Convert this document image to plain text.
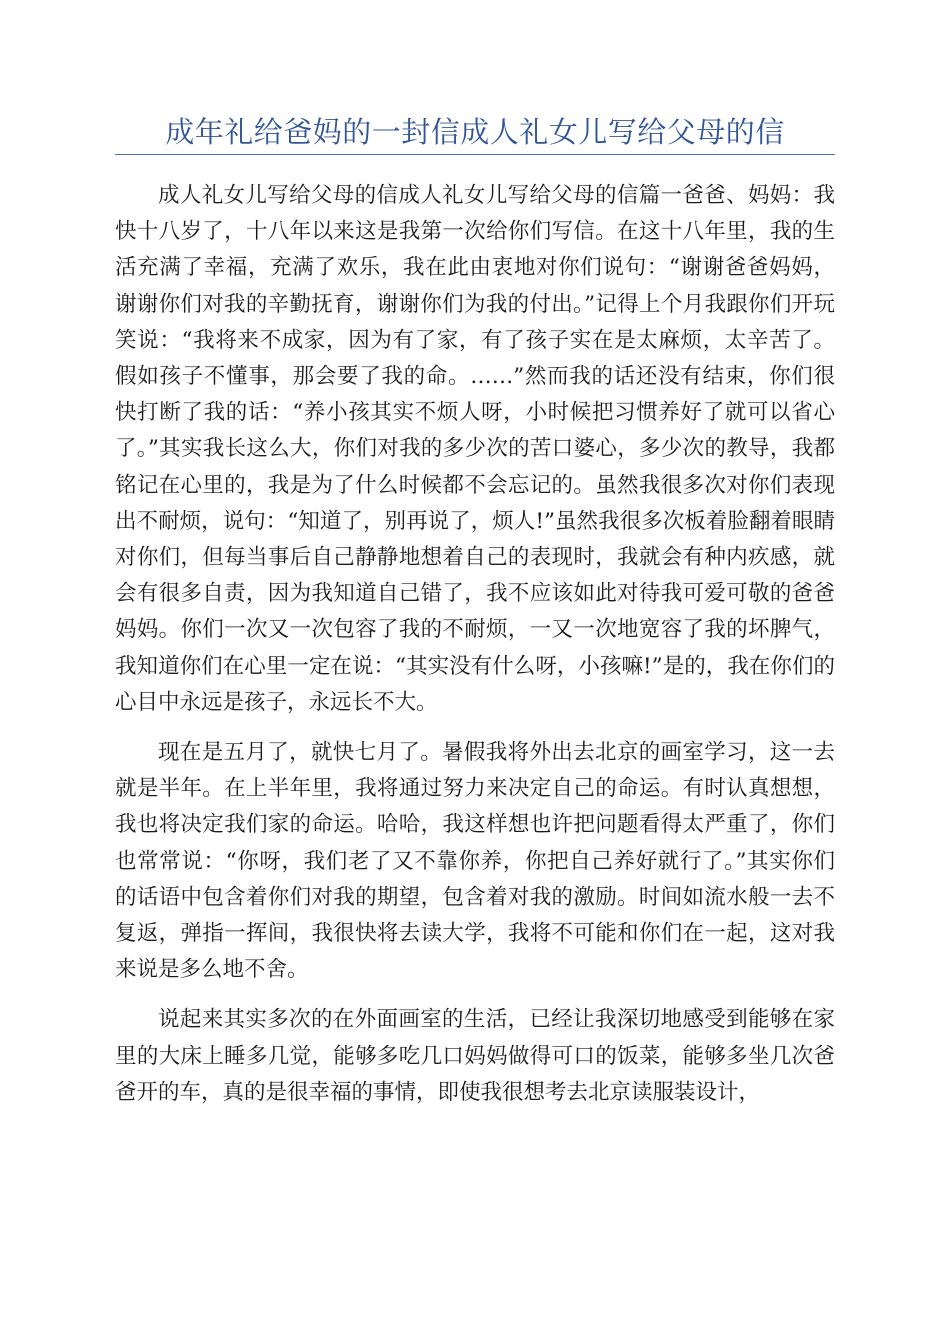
成年礼给爸妈的一封信成人礼女儿写给父母的信

成人礼女儿写给父母的信成人礼女儿写给父母的信篇一爸爸、妈妈：我快十八岁了，十八年以来这是我第一次给你们写信。在这十八年里，我的生活充满了幸福，充满了欢乐，我在此由衷地对你们说句：“谢谢爸爸妈妈，谢谢你们对我的辛勤抚育，谢谢你们为我的付出。”记得上个月我跟你们开玩笑说：“我将来不成家，因为有了家，有了孩子实在是太麻烦，太辛苦了。假如孩子不懂事，那会要了我的命。……”然而我的话还没有结束，你们很快打断了我的话：“养小孩其实不烦人呀，小时候把习惯养好了就可以省心了。”其实我长这么大，你们对我的多少次的苦口婆心，多少次的教导，我都铭记在心里的，我是为了什么时候都不会忘记的。虽然我很多次对你们表现出不耐烦，说句：“知道了，别再说了，烦人!”虽然我很多次板着脸翻着眼睛对你们，但每当事后自己静静地想着自己的表现时，我就会有种内疚感，就会有很多自责，因为我知道自己错了，我不应该如此对待我可爱可敬的爸爸妈妈。你们一次又一次包容了我的不耐烦，一又一次地宽容了我的坏脾气，我知道你们在心里一定在说：“其实没有什么呀，小孩嘛!”是的，我在你们的心目中永远是孩子，永远长不大。

现在是五月了，就快七月了。暑假我将外出去北京的画室学习，这一去就是半年。在上半年里，我将通过努力来决定自己的命运。有时认真想想，我也将决定我们家的命运。哈哈，我这样想也许把问题看得太严重了，你们也常常说：“你呀，我们老了又不靠你养，你把自己养好就行了。”其实你们的话语中包含着你们对我的期望，包含着对我的激励。时间如流水般一去不复返，弹指一挥间，我很快将去读大学，我将不可能和你们在一起，这对我来说是多么地不舍。

说起来其实多次的在外面画室的生活，已经让我深切地感受到能够在家里的大床上睡多几觉，能够多吃几口妈妈做得可口的饭菜，能够多坐几次爸爸开的车，真的是很幸福的事情，即使我很想考去北京读服装设计，
